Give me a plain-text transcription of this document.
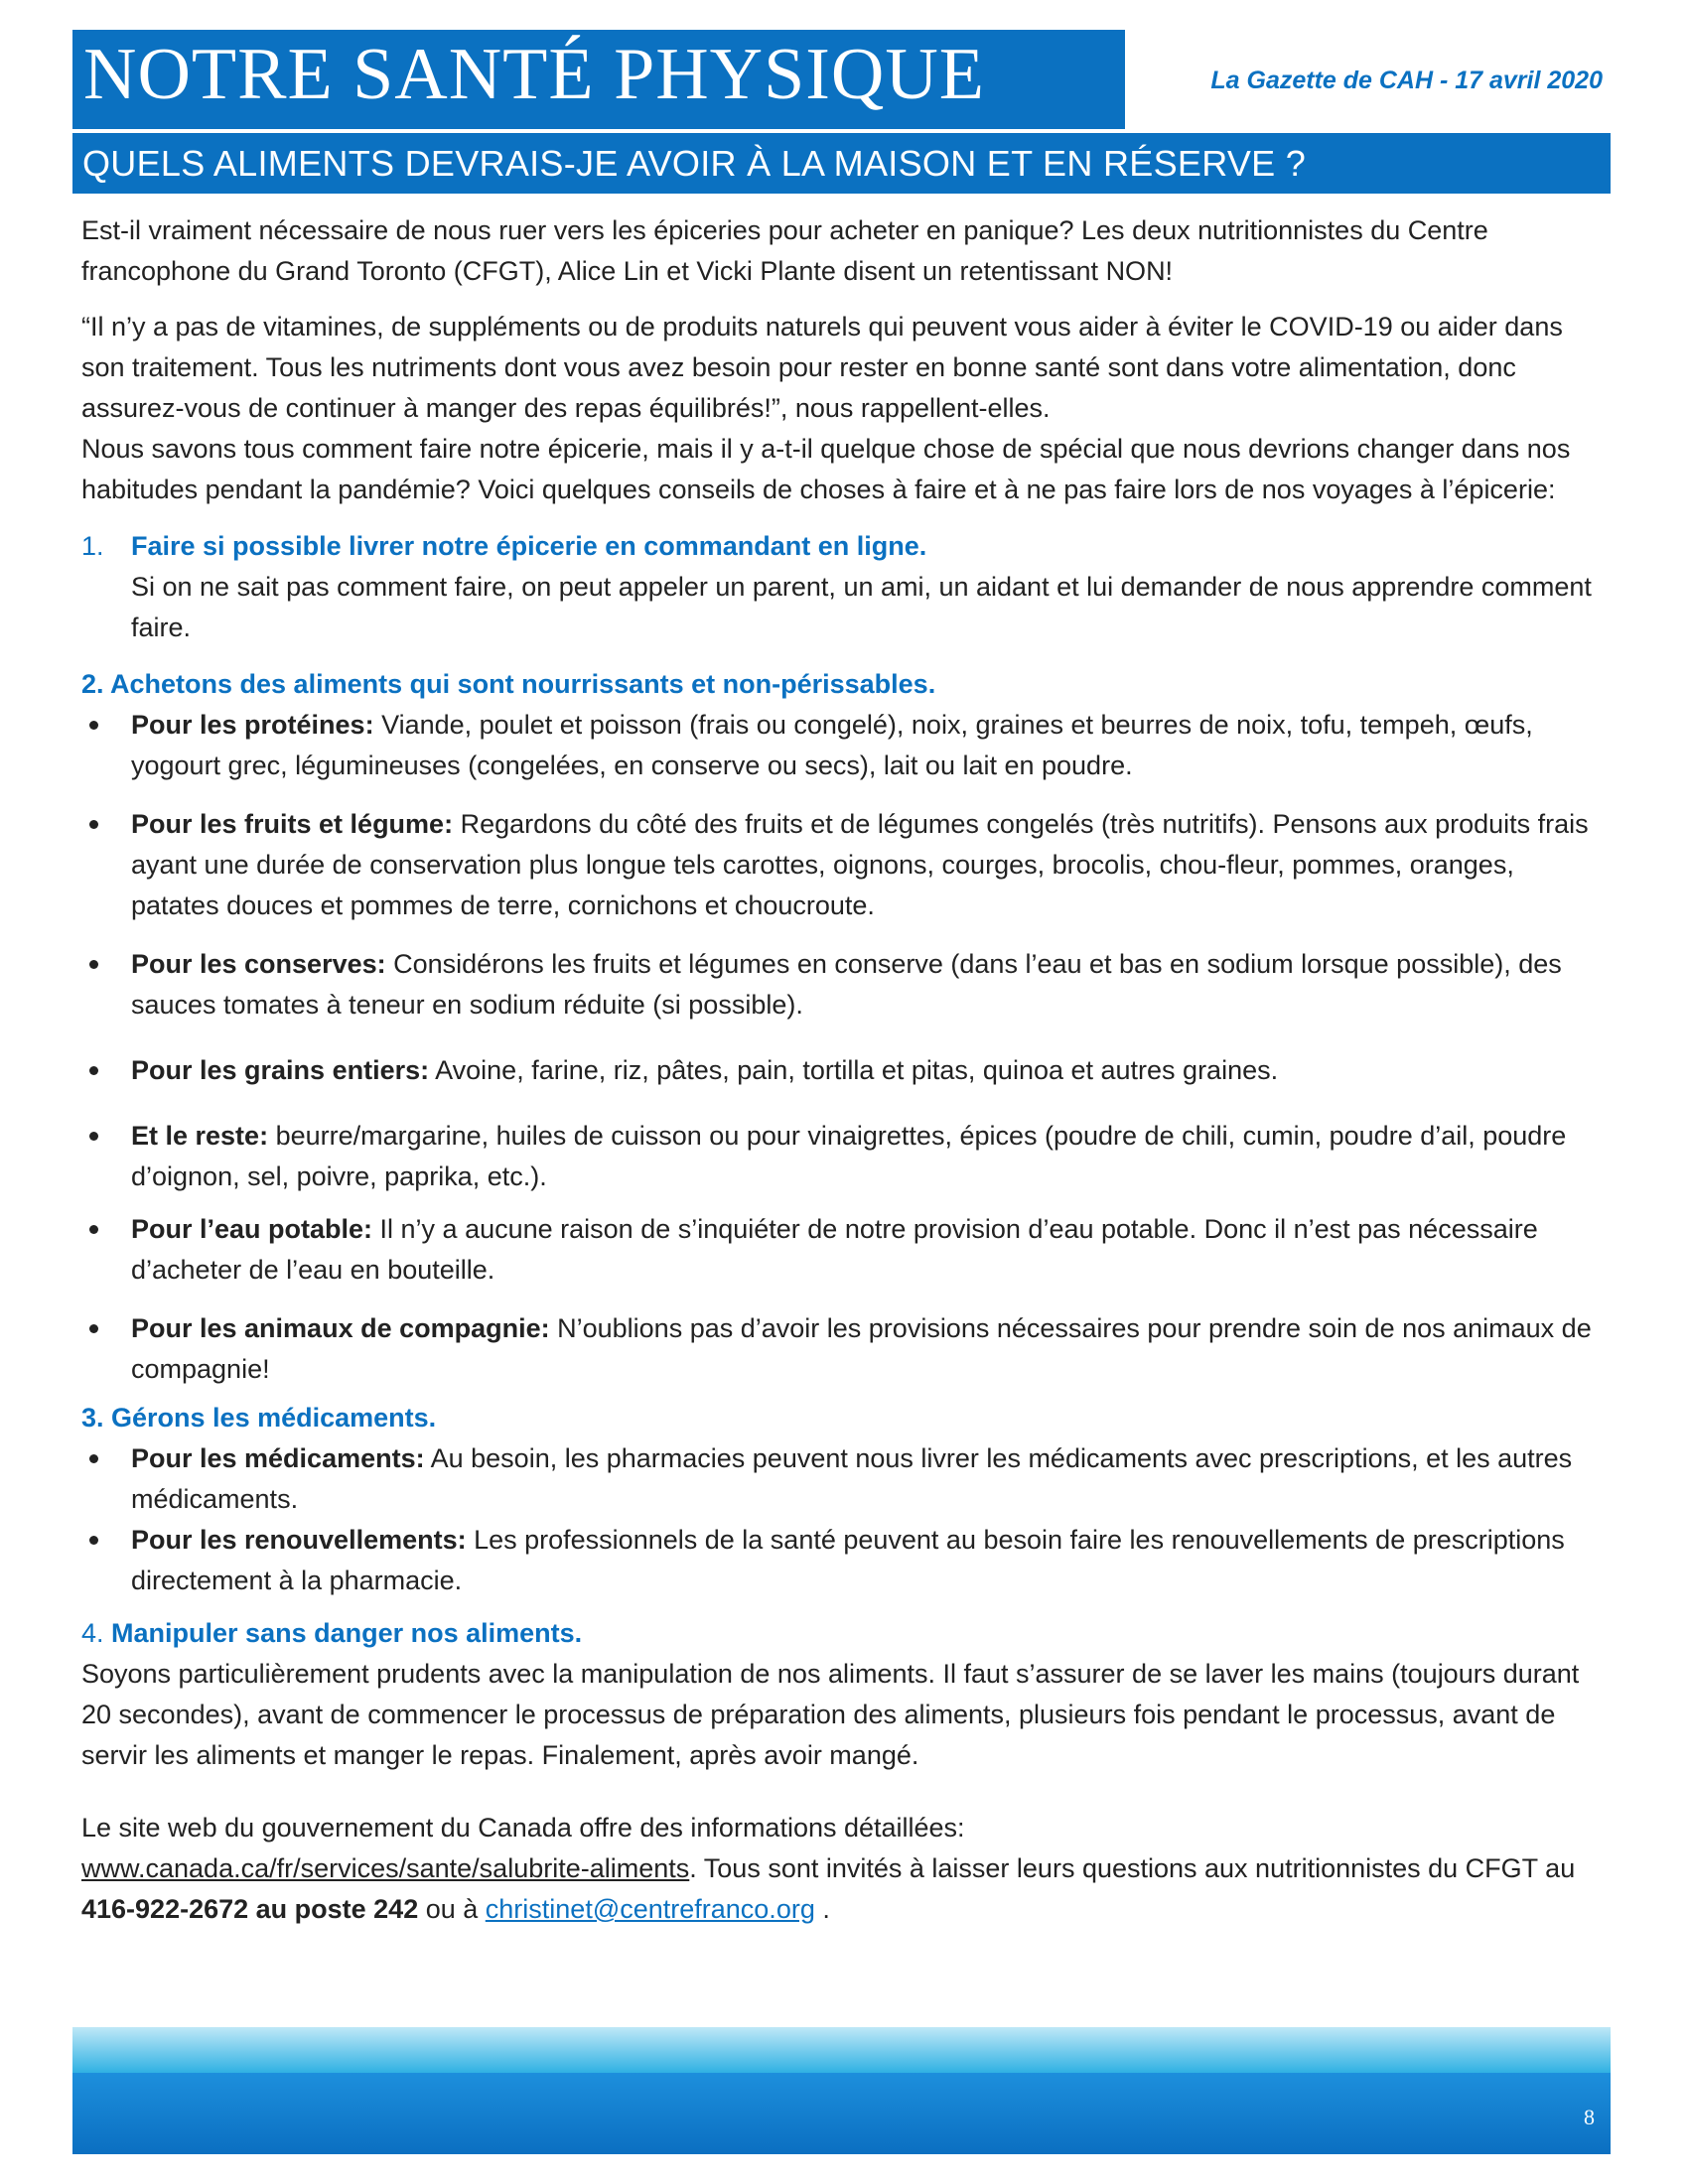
NOTRE SANTÉ PHYSIQUE	La Gazette de CAH - 17 avril 2020
QUELS ALIMENTS DEVRAIS-JE AVOIR À LA MAISON ET EN RÉSERVE ?

Est-il vraiment nécessaire de nous ruer vers les épiceries pour acheter en panique? Les deux nutritionnistes du Centre francophone du Grand Toronto (CFGT), Alice Lin et Vicki Plante disent un retentissant NON!

“Il n’y a pas de vitamines, de suppléments ou de produits naturels qui peuvent vous aider à éviter le COVID-19 ou aider dans son traitement. Tous les nutriments dont vous avez besoin pour rester en bonne santé sont dans votre alimentation, donc assurez-vous de continuer à manger des repas équilibrés!”, nous rappellent-elles.

Nous savons tous comment faire notre épicerie, mais il y a-t-il quelque chose de spécial que nous devrions changer dans nos habitudes pendant la pandémie? Voici quelques conseils de choses à faire et à ne pas faire lors de nos voyages à l’épicerie:

1.	Faire si possible livrer notre épicerie en commandant en ligne.
Si on ne sait pas comment faire, on peut appeler un parent, un ami, un aidant et lui demander de nous apprendre comment faire.
2. Achetons des aliments qui sont nourrissants et non-périssables.
Pour les protéines: Viande, poulet et poisson (frais ou congelé), noix, graines et beurres de noix, tofu, tempeh, œufs, yogourt grec, légumineuses (congelées, en conserve ou secs), lait ou lait en poudre.
Pour les fruits et légume: Regardons du côté des fruits et de légumes congelés (très nutritifs). Pensons aux produits frais ayant une durée de conservation plus longue tels carottes, oignons, courges, brocolis, chou-fleur, pommes, oranges, patates douces et pommes de terre, cornichons et choucroute.
Pour les conserves: Considérons les fruits et légumes en conserve (dans l’eau et bas en sodium lorsque possible), des sauces tomates à teneur en sodium réduite (si possible).
Pour les grains entiers: Avoine, farine, riz, pâtes, pain, tortilla et pitas, quinoa et autres graines.
Et le reste: beurre/margarine, huiles de cuisson ou pour vinaigrettes, épices (poudre de chili, cumin, poudre d’ail, poudre d’oignon, sel, poivre, paprika, etc.).
Pour l’eau potable: Il n’y a aucune raison de s’inquiéter de notre provision d’eau potable. Donc il n’est pas nécessaire d’acheter de l’eau en bouteille.
Pour les animaux de compagnie: N’oublions pas d’avoir les provisions nécessaires pour prendre soin de nos animaux de compagnie!
3. Gérons les médicaments.
Pour les médicaments: Au besoin, les pharmacies peuvent nous livrer les médicaments avec prescriptions, et les autres médicaments.
Pour les renouvellements: Les professionnels de la santé peuvent au besoin faire les renouvellements de prescriptions directement à la pharmacie.
4. Manipuler sans danger nos aliments.

Soyons particulièrement prudents avec la manipulation de nos aliments. Il faut s’assurer de se laver les mains (toujours durant 20 secondes), avant de commencer le processus de préparation des aliments, plusieurs fois pendant le processus, avant de servir les aliments et manger le repas. Finalement, après avoir mangé.

Le site web du gouvernement du Canada offre des informations détaillées:
www.canada.ca/fr/services/sante/salubrite-aliments. Tous sont invités à laisser leurs questions aux nutritionnistes du CFGT au 416-922-2672 au poste 242 ou à christinet@centrefranco.org .

8
